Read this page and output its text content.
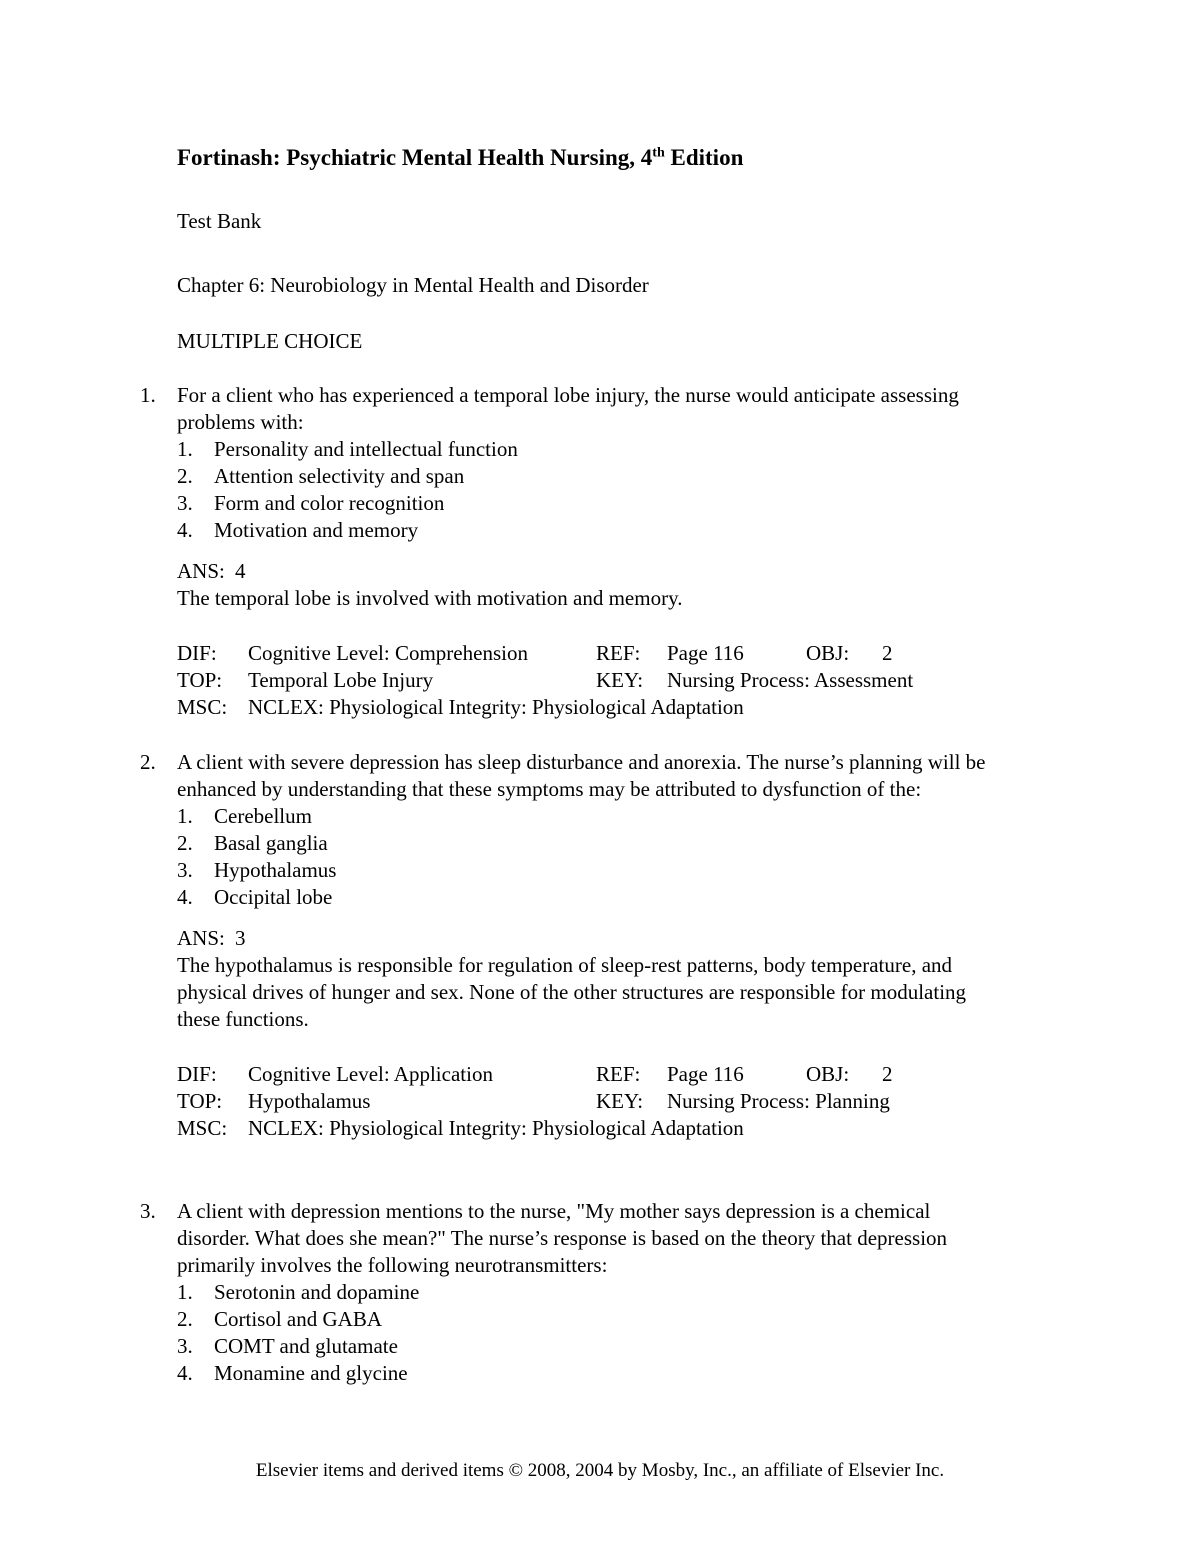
Fortinash: Psychiatric Mental Health Nursing, 4th Edition
Test Bank
Chapter 6: Neurobiology in Mental Health and Disorder
MULTIPLE CHOICE
1. For a client who has experienced a temporal lobe injury, the nurse would anticipate assessing problems with:

1. Personality and intellectual function
2. Attention selectivity and span
3. Form and color recognition
4. Motivation and memory
ANS: 4
The temporal lobe is involved with motivation and memory.
DIF:	Cognitive Level: Comprehension	REF:	Page 116	OBJ:	2
TOP:	Temporal Lobe Injury	KEY:	Nursing Process: Assessment
MSC: NCLEX: Physiological Integrity: Physiological Adaptation
2. A client with severe depression has sleep disturbance and anorexia. The nurse’s planning will be enhanced by understanding that these symptoms may be attributed to dysfunction of the:

1. Cerebellum
2. Basal ganglia
3. Hypothalamus
4. Occipital lobe
ANS: 3
The hypothalamus is responsible for regulation of sleep-rest patterns, body temperature, and physical drives of hunger and sex. None of the other structures are responsible for modulating these functions.
DIF:	Cognitive Level: Application	REF:	Page 116	OBJ:	2
TOP:	Hypothalamus	KEY:	Nursing Process: Planning
MSC: NCLEX: Physiological Integrity: Physiological Adaptation
3. A client with depression mentions to the nurse, "My mother says depression is a chemical disorder. What does she mean?" The nurse’s response is based on the theory that depression primarily involves the following neurotransmitters:

1. Serotonin and dopamine
2. Cortisol and GABA
3. COMT and glutamate
4. Monamine and glycine
Elsevier items and derived items © 2008, 2004 by Mosby, Inc., an affiliate of Elsevier Inc.
